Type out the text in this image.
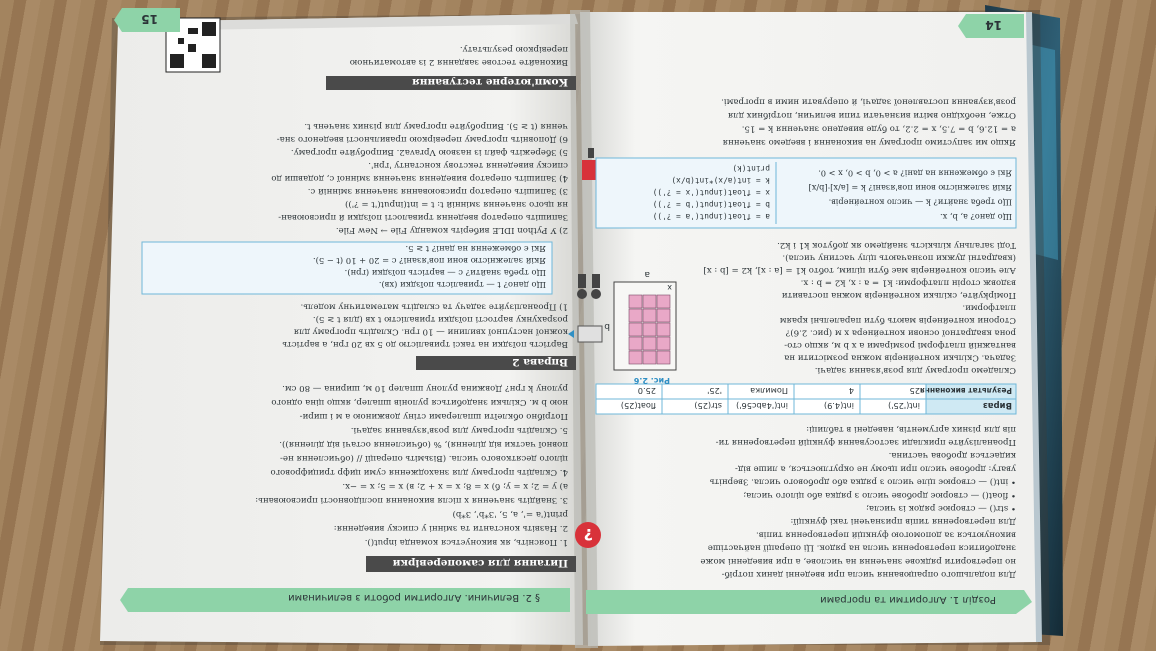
§ 2. Величини. Алгоритми роботи з величинами
Питання для самоперевірки
?
1. Поясніть, як виконується команда input().
2. Назвіть константи та змінні у списку виведення:
print('a =', a, 5, '3*b', 3*b)
3. Знайдіть значення x після виконання послідовності присвоювань:
а) y = 2; x = y; б) x = 8; x = x + 2; в) x = 5; x = −x.
4. Складіть програму для знаходження суми цифр трицифрового
цілого десяткового числа. (Візьміть операції // (обчислення не-
повної частки від ділення), % (обчислення остачі від ділення)).
5. Складіть програму для розв'язування задачі.
Потрібно обклеїти шпалерами стіну довжиною a м і шири-
ною b м. Скільки знадобиться рулонів шпалер, якщо ціна одного
рулону k грн? Довжина рулону шпалер 10 м, ширина — 80 см.
Вправа 2
Вартість поїздки на таксі тривалістю до 5 хв 20 грн, а вартість
кожної наступної хвилини — 10 грн. Складіть програму для
розрахунку вартості поїздки тривалістю t хв (для t ≥ 5).
1) Проаналізуйте задачу та складіть математичну модель.
Що дано? t — тривалість поїздки (хв).
Що треба знайти? c — вартість поїздки (грн).
Якій залежністю вони пов'язані? c = 20 + 10 (t − 5).
Які є обмеження на дані? t ≥ 5.
2) У Python IDLE виберіть команду File → New File.
Запишіть оператор введення тривалості поїздки й присвоюван-
ня цього значення змінній t: t = int(input('t = ?'))
3) Запишіть оператор присвоювання значення змінній c.
4) Запишіть оператор виведення значення змінної c, додавши до
списку виведення текстову константу 'грн'.
5) Збережіть файл із назвою Vprava2. Випробуйте програму.
6) Доповніть програму перевіркою правильності введеного зна-
чення (t ≥ 5). Випробуйте програму для різних значень t.
Комп'ютерне тестування
Виконайте тестове завдання 2 із автоматичною
перевіркою результату.
15
Розділ 1. Алгоритми та програми
Для подальшого опрацювання числа при введенні даних потріб-
но перетворити рядкове значення на числове, а при виведенні може
знадобитися перетворення числа на рядок. Ці операції найчастіше
виконуються за допомогою функцій перетворення типів.
Для перетворення типів призначені такі функції:
• str() — створює рядок із числа;
• float() — створює дробове число з рядка або цілого числа;
• int() — створює ціле число з рядка або дробового числа. Зверніть
увагу: дробове число при цьому не округлюється, а лише від-
кидається дробова частина.
Проаналізуйте приклади застосування функцій перетворення ти-
пів для різних аргументів, наведені в таблиці:
Вираз
Результат виконання
int('25')
25
int(4.9)
4
int('4abc56')
Помилка
str(25)
'25'
float(25)
25.0
Складемо програму для розв'язання задачі.
Задача. Скільки контейнерів можна розмістити на
вантажній платформі розмірами a x b м, якщо сто-
рона квадратної основи контейнера x м (рис. 2.6)?
Сторони контейнерів мають бути паралельні краям
платформи.
Помірkуйте, скільки контейнерів можна поставити
вздовж сторін платформи: k1 = a : x, k2 = b : x.
Але число контейнерів має бути цілим, тобто k1 = [a : x], k2 = [b : x]
(квадратні дужки позначають цілу частину числа).
Тоді загальну кількість знайдемо як добуток k1 і k2.
b
a
x
Рис. 2.6
Що дано? a, b, x.
Що треба знайти? k — число контейнерів.
Якій залежністю вони пов'язані? k = [a/x]·[b/x]
Які є обмеження на дані? a > 0, b > 0, x > 0.
a = float(input('a = ?'))
b = float(input('b = ?'))
x = float(input('x = ?'))
k = int(a/x)*int(b/x)
print(k)
Якщо ми запустимо програму на виконання і введемо значення
a = 12.6, b = 7.5, x = 2.2, то буде виведено значення k = 15.
Отже, необхідно вміти визначати типи величин, потрібних для
розв'язування поставленої задачі, й оперувати ними в програмі.
14
